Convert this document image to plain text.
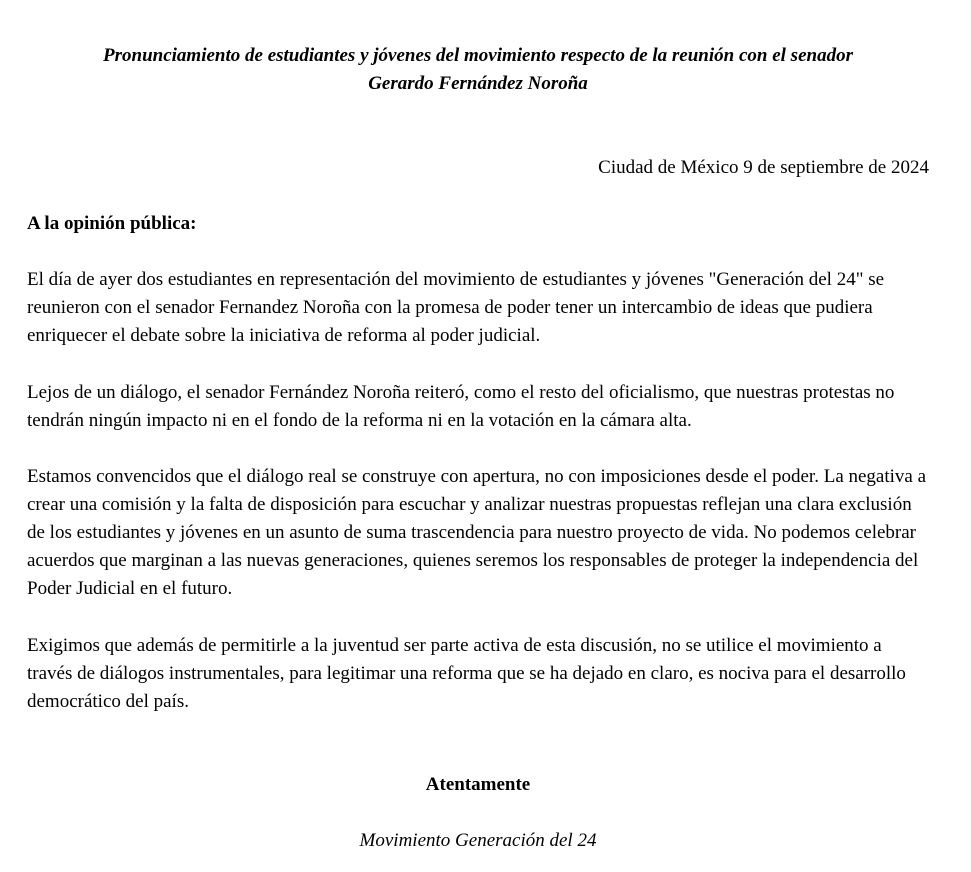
Pronunciamiento de estudiantes y jóvenes del movimiento respecto de la reunión con el senador
Gerardo Fernández Noroña

Ciudad de México 9 de septiembre de 2024

A la opinión pública:

El día de ayer dos estudiantes en representación del movimiento de estudiantes y jóvenes "Generación del 24" se reunieron con el senador Fernandez Noroña con la promesa de poder tener un intercambio de ideas que pudiera enriquecer el debate sobre la iniciativa de reforma al poder judicial.

Lejos de un diálogo, el senador Fernández Noroña reiteró, como el resto del oficialismo, que nuestras protestas no tendrán ningún impacto ni en el fondo de la reforma ni en la votación en la cámara alta.

Estamos convencidos que el diálogo real se construye con apertura, no con imposiciones desde el poder. La negativa a crear una comisión y la falta de disposición para escuchar y analizar nuestras propuestas reflejan una clara exclusión de los estudiantes y jóvenes en un asunto de suma trascendencia para nuestro proyecto de vida. No podemos celebrar acuerdos que marginan a las nuevas generaciones, quienes seremos los responsables de proteger la independencia del Poder Judicial en el futuro.

Exigimos que además de permitirle a la juventud ser parte activa de esta discusión, no se utilice el movimiento a través de diálogos instrumentales, para legitimar una reforma que se ha dejado en claro, es nociva para el desarrollo democrático del país.

Atentamente

Movimiento Generación del 24
